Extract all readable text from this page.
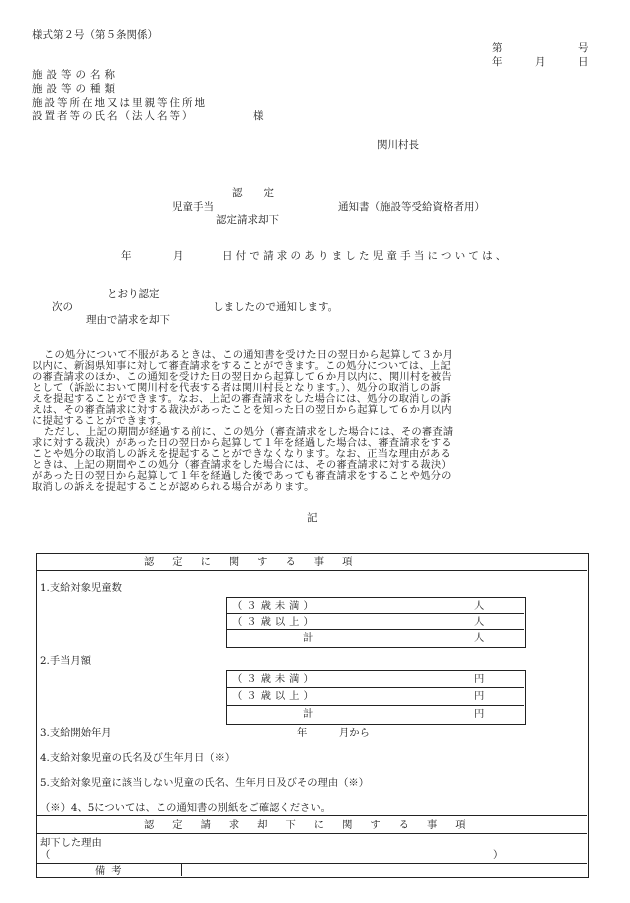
様式第２号（第５条関係）
第	号
年	月	日
施設等の名称
施設等の種類
施設等所在地又は里親等住所地
設置者等の氏名（法人名等）	様
関川村長
認　　定
児童手当
認定請求却下
通知書（施設等受給資格者用）
年	月	日付で請求のありました児童手当については、
とおり認定
次の	しましたので通知します。
理由で請求を却下

この処分について不服があるときは、この通知書を受けた日の翌日から起算して３か月

以内に、新潟県知事に対して審査請求をすることができます。この処分については、上記

の審査請求のほか、この通知を受けた日の翌日から起算して６か月以内に、関川村を被告

として（訴訟において関川村を代表する者は関川村長となります。）、処分の取消しの訴

えを提起することができます。なお、上記の審査請求をした場合には、処分の取消しの訴

えは、その審査請求に対する裁決があったことを知った日の翌日から起算して６か月以内

に提起することができます。

ただし、上記の期間が経過する前に、この処分（審査請求をした場合には、その審査請

求に対する裁決）があった日の翌日から起算して１年を経過した場合は、審査請求をする

ことや処分の取消しの訴えを提起することができなくなります。なお、正当な理由がある

ときは、上記の期間やこの処分（審査請求をした場合には、その審査請求に対する裁決）

があった日の翌日から起算して１年を経過した後であっても審査請求をすることや処分の

取消しの訴えを提起することが認められる場合があります。

記
認定に関する事項
1.支給対象児童数
（３歳未満）	人
（３歳以上）	人
計	人
2.手当月額
（３歳未満）	円
（３歳以上）	円
計	円
3.支給開始年月	年	月から
4.支給対象児童の氏名及び生年月日（※）
5.支給対象児童に該当しない児童の氏名、生年月日及びその理由（※）
（※）4、5については、この通知書の別紙をご確認ください。
認定請求却下に関する事項
却下した理由
（	）
備考
